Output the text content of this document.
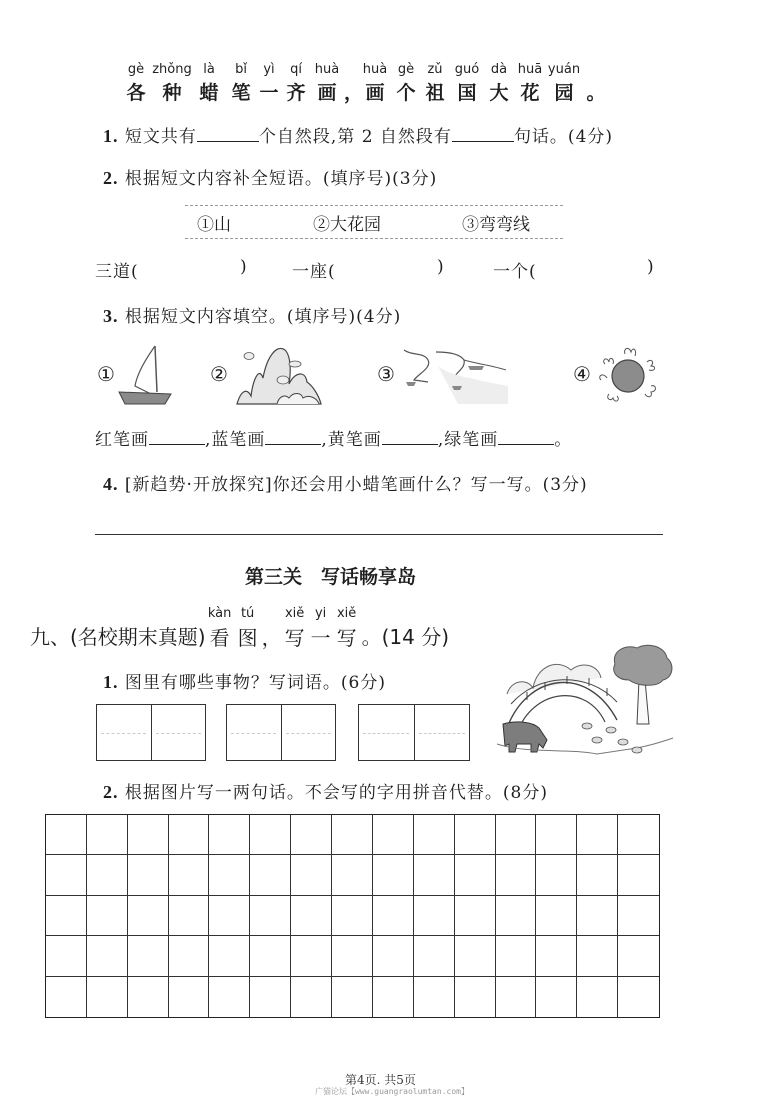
gè
各
zhǒng
种
là
蜡
bǐ
笔
yì
一
qí
齐
huà
画 ，
huà
画
gè
个
zǔ
祖
guó
国
dà
大
huā
花
yuán
园 。
1. 短文共有	个自然段,第 2 自然段有	句话。(4分)
2. 根据短文内容补全短语。(填序号)(3分)
①山	②大花园	③弯弯线
三道(	)	一座(	)	一个(	)
3. 根据短文内容填空。(填序号)(4分)
①	②	③	④
红笔画	,蓝笔画	,黄笔画	,绿笔画	。
4. [新趋势·开放探究]你还会用小蜡笔画什么？写一写。(3分)
第三关　写话畅享岛
九、(名校期末真题)
kàn
看
tú
图 ，
xiě
写
yi
一
xiě
写 。(14 分)
1. 图里有哪些事物？写词语。(6分)
2. 根据图片写一两句话。不会写的字用拼音代替。(8分)
第4页. 共5页
广猫论坛【www.guangraolumtan.com】
